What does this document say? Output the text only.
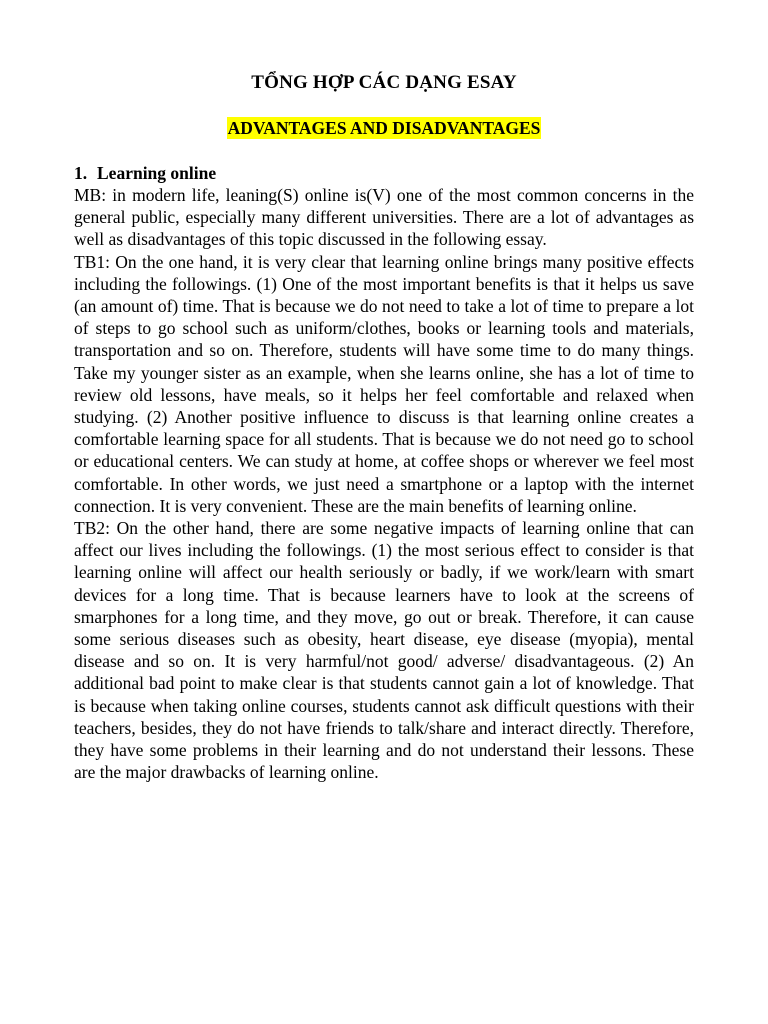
TỔNG HỢP CÁC DẠNG ESAY
ADVANTAGES AND DISADVANTAGES
1. Learning online

MB: in modern life, leaning(S) online is(V) one of the most common concerns in the general public, especially many different universities. There are a lot of advantages as well as disadvantages of this topic discussed in the following essay.

TB1: On the one hand, it is very clear that learning online brings many positive effects including the followings. (1) One of the most important benefits is that it helps us save (an amount of) time. That is because we do not need to take a lot of time to prepare a lot of steps to go school such as uniform/clothes, books or learning tools and materials, transportation and so on. Therefore, students will have some time to do many things. Take my younger sister as an example, when she learns online, she has a lot of time to review old lessons, have meals, so it helps her feel comfortable and relaxed when studying. (2) Another positive influence to discuss is that learning online creates a comfortable learning space for all students. That is because we do not need go to school or educational centers. We can study at home, at coffee shops or wherever we feel most comfortable. In other words, we just need a smartphone or a laptop with the internet connection. It is very convenient. These are the main benefits of learning online.

TB2: On the other hand, there are some negative impacts of learning online that can affect our lives including the followings. (1) the most serious effect to consider is that learning online will affect our health seriously or badly, if we work/learn with smart devices for a long time. That is because learners have to look at the screens of smarphones for a long time, and they move, go out or break. Therefore, it can cause some serious diseases such as obesity, heart disease, eye disease (myopia), mental disease and so on. It is very harmful/not good/ adverse/ disadvantageous. (2) An additional bad point to make clear is that students cannot gain a lot of knowledge. That is because when taking online courses, students cannot ask difficult questions with their teachers, besides, they do not have friends to talk/share and interact directly. Therefore, they have some problems in their learning and do not understand their lessons. These are the major drawbacks of learning online.
